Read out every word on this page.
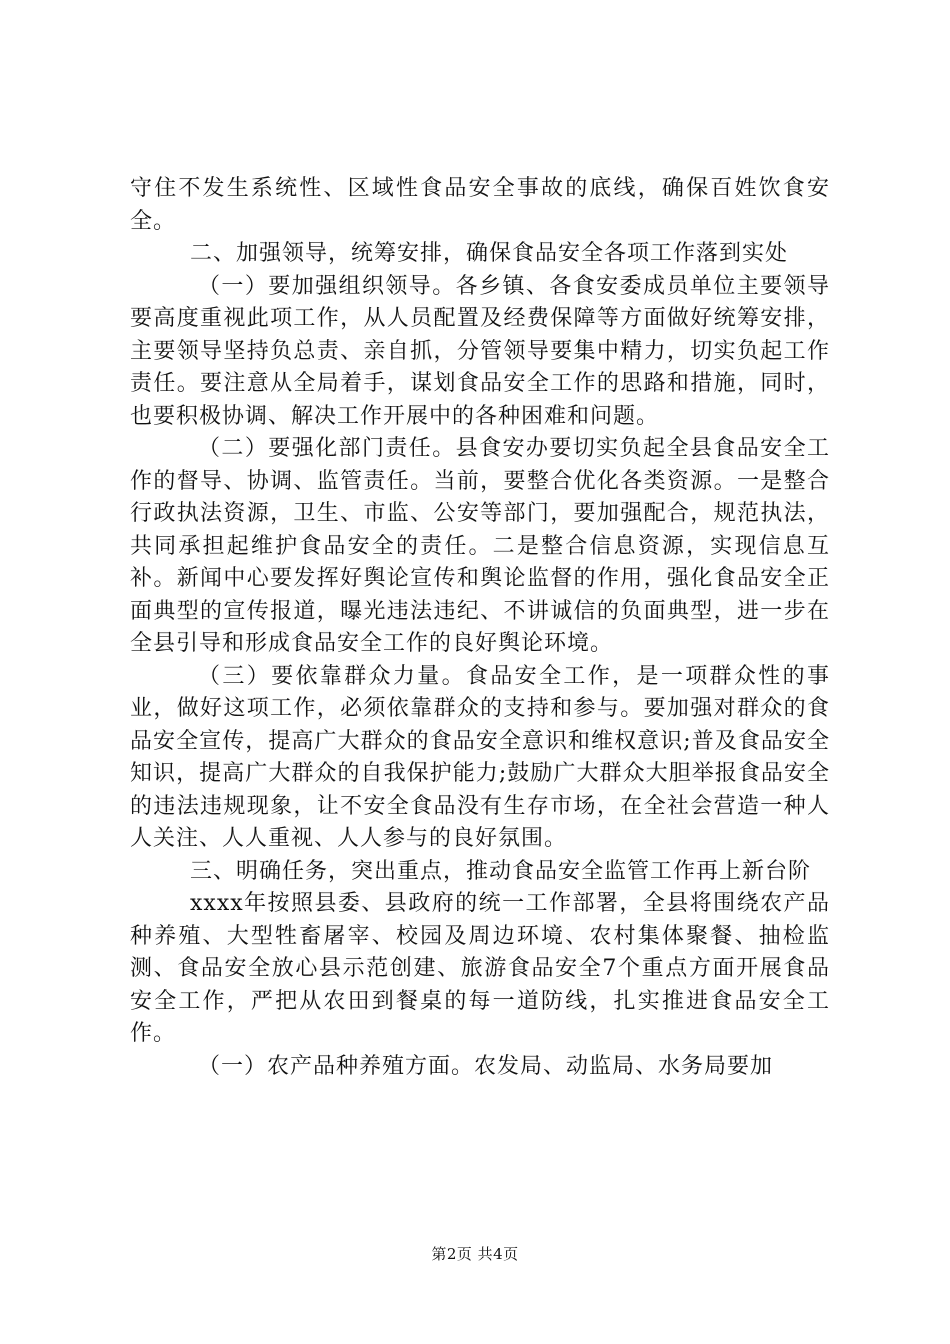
守住不发生系统性、区域性食品安全事故的底线，确保百姓饮食安全。

二、加强领导，统筹安排，确保食品安全各项工作落到实处

（一）要加强组织领导。各乡镇、各食安委成员单位主要领导要高度重视此项工作，从人员配置及经费保障等方面做好统筹安排，主要领导坚持负总责、亲自抓，分管领导要集中精力，切实负起工作责任。要注意从全局着手，谋划食品安全工作的思路和措施，同时，也要积极协调、解决工作开展中的各种困难和问题。

（二）要强化部门责任。县食安办要切实负起全县食品安全工作的督导、协调、监管责任。当前，要整合优化各类资源。一是整合行政执法资源，卫生、市监、公安等部门，要加强配合，规范执法，共同承担起维护食品安全的责任。二是整合信息资源，实现信息互补。新闻中心要发挥好舆论宣传和舆论监督的作用，强化食品安全正面典型的宣传报道，曝光违法违纪、不讲诚信的负面典型，进一步在全县引导和形成食品安全工作的良好舆论环境。

（三）要依靠群众力量。食品安全工作，是一项群众性的事业，做好这项工作，必须依靠群众的支持和参与。要加强对群众的食品安全宣传，提高广大群众的食品安全意识和维权意识;普及食品安全知识，提高广大群众的自我保护能力;鼓励广大群众大胆举报食品安全的违法违规现象，让不安全食品没有生存市场，在全社会营造一种人人关注、人人重视、人人参与的良好氛围。

三、明确任务，突出重点，推动食品安全监管工作再上新台阶

xxxx年按照县委、县政府的统一工作部署，全县将围绕农产品种养殖、大型牲畜屠宰、校园及周边环境、农村集体聚餐、抽检监测、食品安全放心县示范创建、旅游食品安全7个重点方面开展食品安全工作，严把从农田到餐桌的每一道防线，扎实推进食品安全工作。

（一）农产品种养殖方面。农发局、动监局、水务局要加

第2页 共4页
